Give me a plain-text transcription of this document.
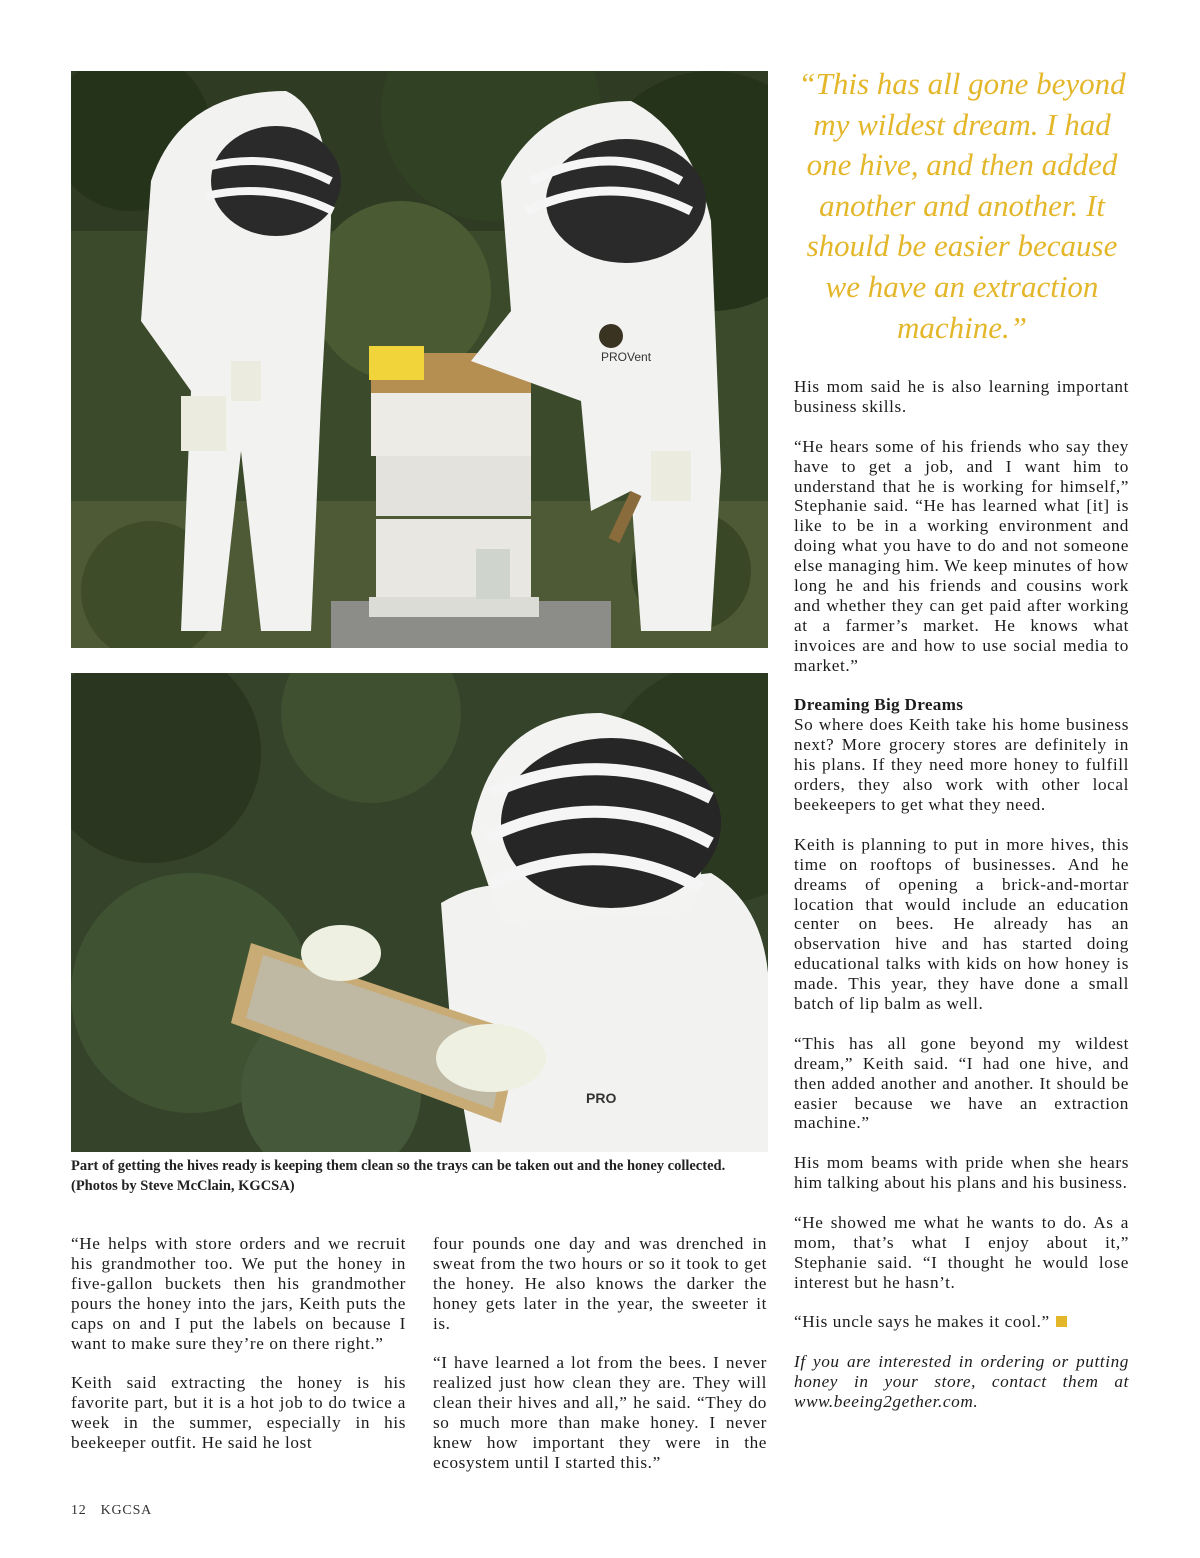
PROVent
PRO
Part of getting the hives ready is keeping them clean so the trays can be taken out and the honey collected. (Photos by Steve McClain, KGCSA)
“This has all gone beyond my wildest dream. I had one hive, and then added another and another. It should be easier because we have an extraction machine.”

His mom said he is also learning important business skills.

“He hears some of his friends who say they have to get a job, and I want him to understand that he is working for himself,” Stephanie said. “He has learned what [it] is like to be in a working environment and doing what you have to do and not someone else managing him. We keep minutes of how long he and his friends and cousins work and whether they can get paid after working at a farmer’s market. He knows what invoices are and how to use social media to market.”

Dreaming Big Dreams

So where does Keith take his home business next? More grocery stores are definitely in his plans. If they need more honey to fulfill orders, they also work with other local beekeepers to get what they need.

Keith is planning to put in more hives, this time on rooftops of businesses. And he dreams of opening a brick-and-mortar location that would include an education center on bees. He already has an observation hive and has started doing educational talks with kids on how honey is made. This year, they have done a small batch of lip balm as well.

“This has all gone beyond my wildest dream,” Keith said. “I had one hive, and then added another and another. It should be easier because we have an extraction machine.”

His mom beams with pride when she hears him talking about his plans and his business.

“He showed me what he wants to do. As a mom, that’s what I enjoy about it,” Stephanie said. “I thought he would lose interest but he hasn’t.

“His uncle says he makes it cool.”

If you are interested in ordering or putting honey in your store, contact them at www.beeing2gether.com.

“He helps with store orders and we recruit his grandmother too. We put the honey in five-gallon buckets then his grandmother pours the honey into the jars, Keith puts the caps on and I put the labels on because I want to make sure they’re on there right.”

Keith said extracting the honey is his favorite part, but it is a hot job to do twice a week in the summer, especially in his beekeeper outfit. He said he lost

four pounds one day and was drenched in sweat from the two hours or so it took to get the honey. He also knows the darker the honey gets later in the year, the sweeter it is.

“I have learned a lot from the bees. I never realized just how clean they are. They will clean their hives and all,” he said. “They do so much more than make honey. I never knew how important they were in the ecosystem until I started this.”

12 KGCSA
